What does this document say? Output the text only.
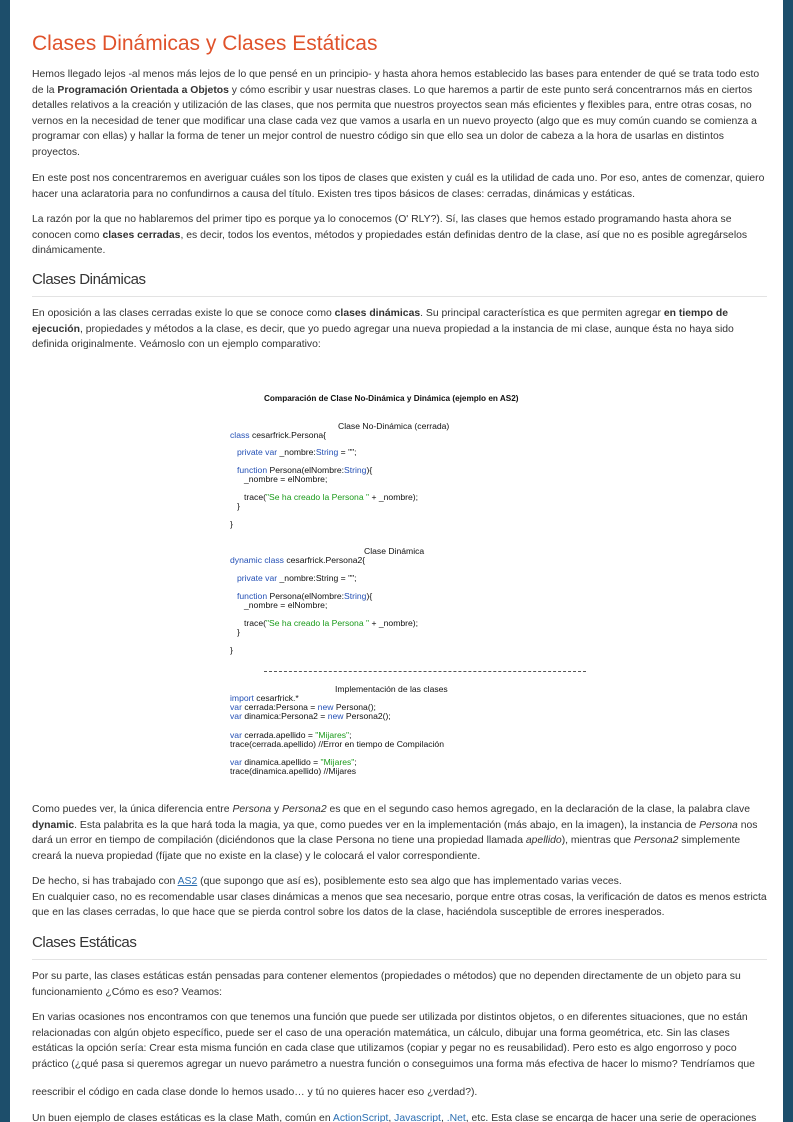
Clases Dinámicas y Clases Estáticas

Hemos llegado lejos -al menos más lejos de lo que pensé en un principio- y hasta ahora hemos establecido las bases para entender de qué se trata todo esto de la Programación Orientada a Objetos y cómo escribir y usar nuestras clases. Lo que haremos a partir de este punto será concentrarnos más en ciertos detalles relativos a la creación y utilización de las clases, que nos permita que nuestros proyectos sean más eficientes y flexibles para, entre otras cosas, no vernos en la necesidad de tener que modificar una clase cada vez que vamos a usarla en un nuevo proyecto (algo que es muy común cuando se comienza a programar con ellas) y hallar la forma de tener un mejor control de nuestro código sin que ello sea un dolor de cabeza a la hora de usarlas en distintos proyectos.

En este post nos concentraremos en averiguar cuáles son los tipos de clases que existen y cuál es la utilidad de cada uno. Por eso, antes de comenzar, quiero hacer una aclaratoria para no confundirnos a causa del título. Existen tres tipos básicos de clases: cerradas, dinámicas y estáticas.

La razón por la que no hablaremos del primer tipo es porque ya lo conocemos (O' RLY?). Sí, las clases que hemos estado programando hasta ahora se conocen como clases cerradas, es decir, todos los eventos, métodos y propiedades están definidas dentro de la clase, así que no es posible agregárselos dinámicamente.

Clases Dinámicas

En oposición a las clases cerradas existe lo que se conoce como clases dinámicas. Su principal característica es que permiten agregar en tiempo de ejecución, propiedades y métodos a la clase, es decir, que yo puedo agregar una nueva propiedad a la instancia de mi clase, aunque ésta no haya sido definida originalmente. Veámoslo con un ejemplo comparativo:

Comparación de Clase No-Dinámica y Dinámica (ejemplo en AS2)
Clase No-Dinámica (cerrada)
class cesarfrick.Persona{
private var _nombre:String = "";
function Persona(elNombre:String){
_nombre = elNombre;
trace("Se ha creado la Persona " + _nombre);
}
}
Clase Dinámica
dynamic class cesarfrick.Persona2{
private var _nombre:String = "";
function Persona(elNombre:String){
_nombre = elNombre;
trace("Se ha creado la Persona " + _nombre);
}
}
Implementación de las clases
import cesarfrick.*
var cerrada:Persona = new Persona();
var dinamica:Persona2 = new Persona2();
var cerrada.apellido = "Mijares";
trace(cerrada.apellido) //Error en tiempo de Compilación
var dinamica.apellido = "Mijares";
trace(dinamica.apellido) //Mijares

Como puedes ver, la única diferencia entre Persona y Persona2 es que en el segundo caso hemos agregado, en la declaración de la clase, la palabra clave dynamic. Esta palabrita es la que hará toda la magia, ya que, como puedes ver en la implementación (más abajo, en la imagen), la instancia de Persona nos dará un error en tiempo de compilación (diciéndonos que la clase Persona no tiene una propiedad llamada apellido), mientras que Persona2 simplemente creará la nueva propiedad (fíjate que no existe en la clase) y le colocará el valor correspondiente.

De hecho, si has trabajado con AS2 (que supongo que así es), posiblemente esto sea algo que has implementado varias veces.
En cualquier caso, no es recomendable usar clases dinámicas a menos que sea necesario, porque entre otras cosas, la verificación de datos es menos estricta que en las clases cerradas, lo que hace que se pierda control sobre los datos de la clase, haciéndola susceptible de errores inesperados.

Clases Estáticas

Por su parte, las clases estáticas están pensadas para contener elementos (propiedades o métodos) que no dependen directamente de un objeto para su funcionamiento ¿Cómo es eso? Veamos:

En varias ocasiones nos encontramos con que tenemos una función que puede ser utilizada por distintos objetos, o en diferentes situaciones, que no están relacionadas con algún objeto específico, puede ser el caso de una operación matemática, un cálculo, dibujar una forma geométrica, etc. Sin las clases estáticas la opción sería: Crear esta misma función en cada clase que utilizamos (copiar y pegar no es reusabilidad). Pero esto es algo engorroso y poco práctico (¿qué pasa si queremos agregar un nuevo parámetro a nuestra función o conseguimos una forma más efectiva de hacer lo mismo? Tendríamos que

reescribir el código en cada clase donde lo hemos usado… y tú no quieres hacer eso ¿verdad?).

Un buen ejemplo de clases estáticas es la clase Math, común en ActionScript, Javascript, .Net, etc. Esta clase se encarga de hacer una serie de operaciones
